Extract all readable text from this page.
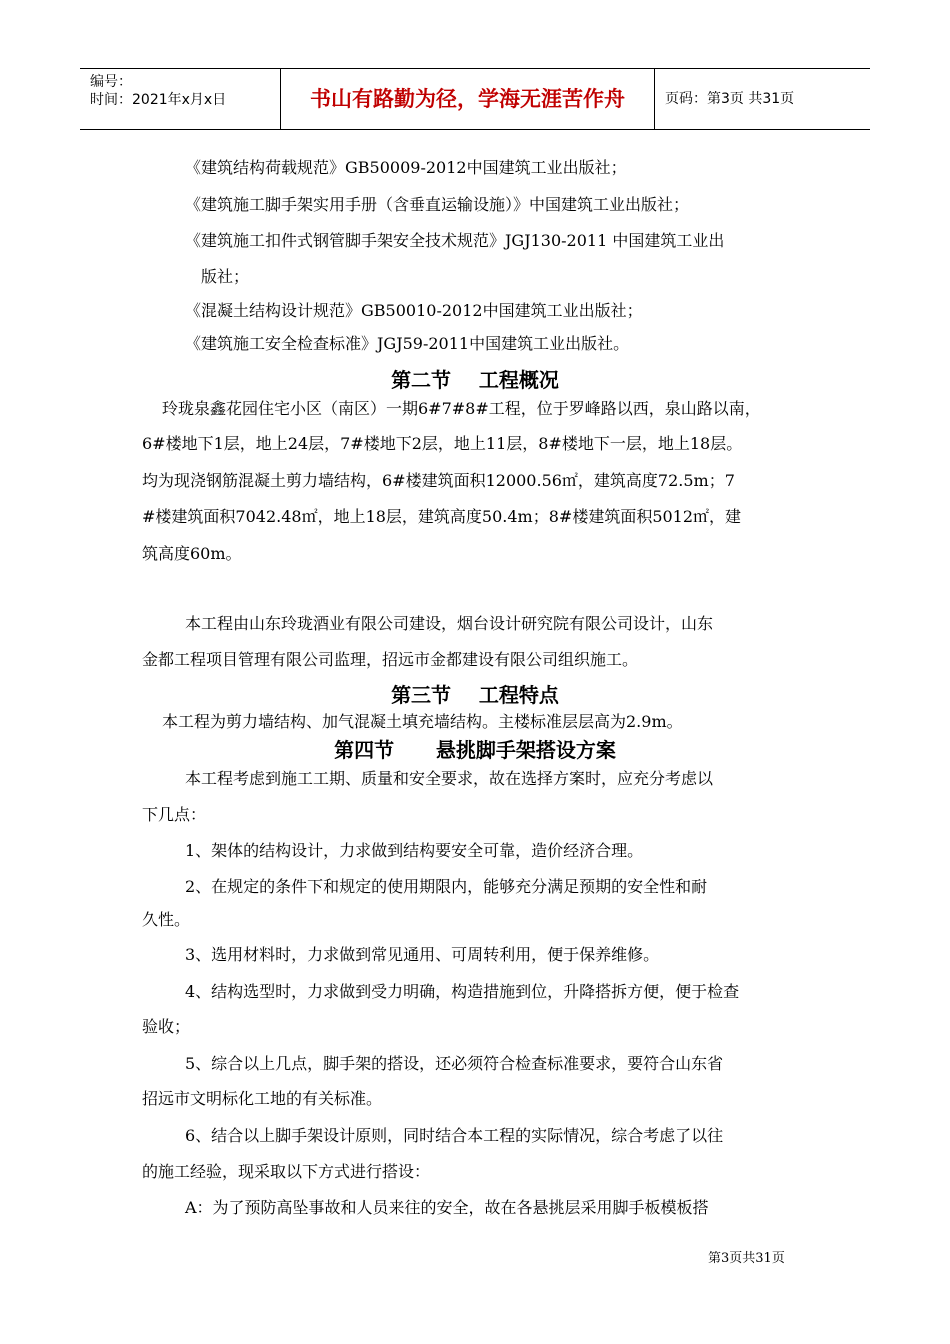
编号：
时间：2021年x月x日	书山有路勤为径，学海无涯苦作舟	页码：第3页 共31页
《建筑结构荷载规范》GB50009-2012中国建筑工业出版社；
《建筑施工脚手架实用手册（含垂直运输设施）》中国建筑工业出版社；
《建筑施工扣件式钢管脚手架安全技术规范》JGJ130-2011 中国建筑工业出
版社；
《混凝土结构设计规范》GB50010-2012中国建筑工业出版社；
《建筑施工安全检查标准》JGJ59-2011中国建筑工业出版社。
第二节    工程概况
玲珑泉鑫花园住宅小区（南区）一期6#7#8#工程，位于罗峰路以西，泉山路以南，
6#楼地下1层，地上24层，7#楼地下2层，地上11层，8#楼地下一层，地上18层。
均为现浇钢筋混凝土剪力墙结构，6#楼建筑面积12000.56㎡，建筑高度72.5m；7
#楼建筑面积7042.48㎡，地上18层，建筑高度50.4m；8#楼建筑面积5012㎡，建
筑高度60m。
本工程由山东玲珑酒业有限公司建设，烟台设计研究院有限公司设计，山东
金都工程项目管理有限公司监理，招远市金都建设有限公司组织施工。
第三节    工程特点
本工程为剪力墙结构、加气混凝土填充墙结构。主楼标准层层高为2.9m。
第四节      悬挑脚手架搭设方案
本工程考虑到施工工期、质量和安全要求，故在选择方案时，应充分考虑以
下几点：
1、架体的结构设计，力求做到结构要安全可靠，造价经济合理。
2、在规定的条件下和规定的使用期限内，能够充分满足预期的安全性和耐
久性。
3、选用材料时，力求做到常见通用、可周转利用，便于保养维修。
4、结构选型时，力求做到受力明确，构造措施到位，升降搭拆方便，便于检查
验收；
5、综合以上几点，脚手架的搭设，还必须符合检查标准要求，要符合山东省
招远市文明标化工地的有关标准。
6、结合以上脚手架设计原则，同时结合本工程的实际情况，综合考虑了以往
的施工经验，现采取以下方式进行搭设：
A：为了预防高坠事故和人员来往的安全，故在各悬挑层采用脚手板模板搭
第3页共31页
